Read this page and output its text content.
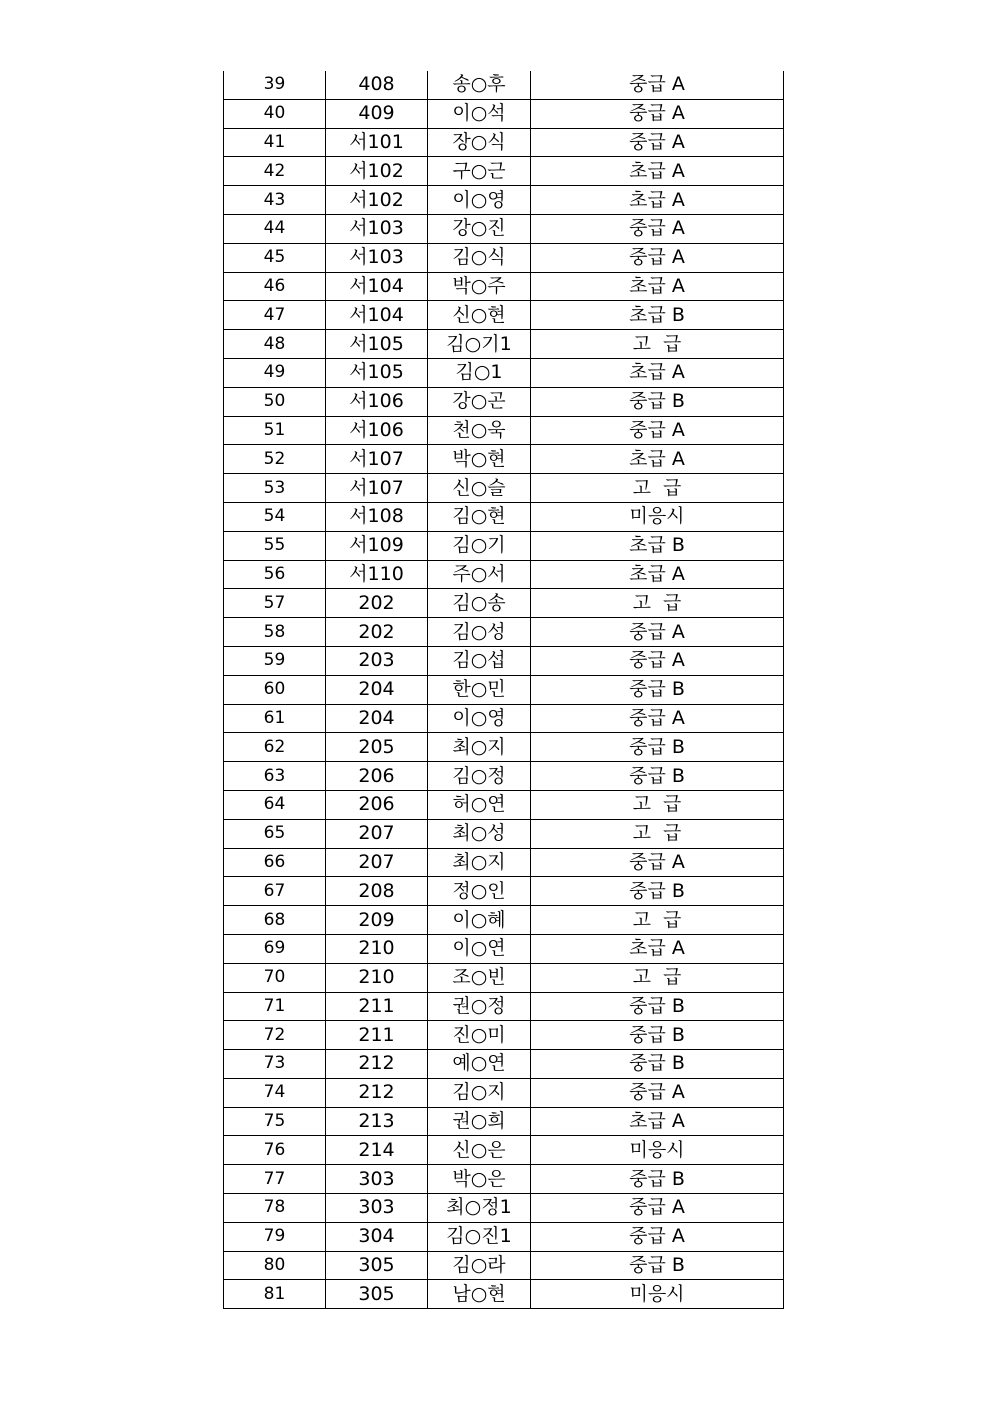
39	408	송○후	중급 A
40	409	이○석	중급 A
41	서101	장○식	중급 A
42	서102	구○근	초급 A
43	서102	이○영	초급 A
44	서103	강○진	중급 A
45	서103	김○식	중급 A
46	서104	박○주	초급 A
47	서104	신○현	초급 B
48	서105	김○기1	고  급
49	서105	김○1	초급 A
50	서106	강○곤	중급 B
51	서106	천○욱	중급 A
52	서107	박○현	초급 A
53	서107	신○슬	고  급
54	서108	김○현	미응시
55	서109	김○기	초급 B
56	서110	주○서	초급 A
57	202	김○송	고  급
58	202	김○성	중급 A
59	203	김○섭	중급 A
60	204	한○민	중급 B
61	204	이○영	중급 A
62	205	최○지	중급 B
63	206	김○정	중급 B
64	206	허○연	고  급
65	207	최○성	고  급
66	207	최○지	중급 A
67	208	정○인	중급 B
68	209	이○혜	고  급
69	210	이○연	초급 A
70	210	조○빈	고  급
71	211	권○정	중급 B
72	211	진○미	중급 B
73	212	예○연	중급 B
74	212	김○지	중급 A
75	213	권○희	초급 A
76	214	신○은	미응시
77	303	박○은	중급 B
78	303	최○정1	중급 A
79	304	김○진1	중급 A
80	305	김○라	중급 B
81	305	남○현	미응시
